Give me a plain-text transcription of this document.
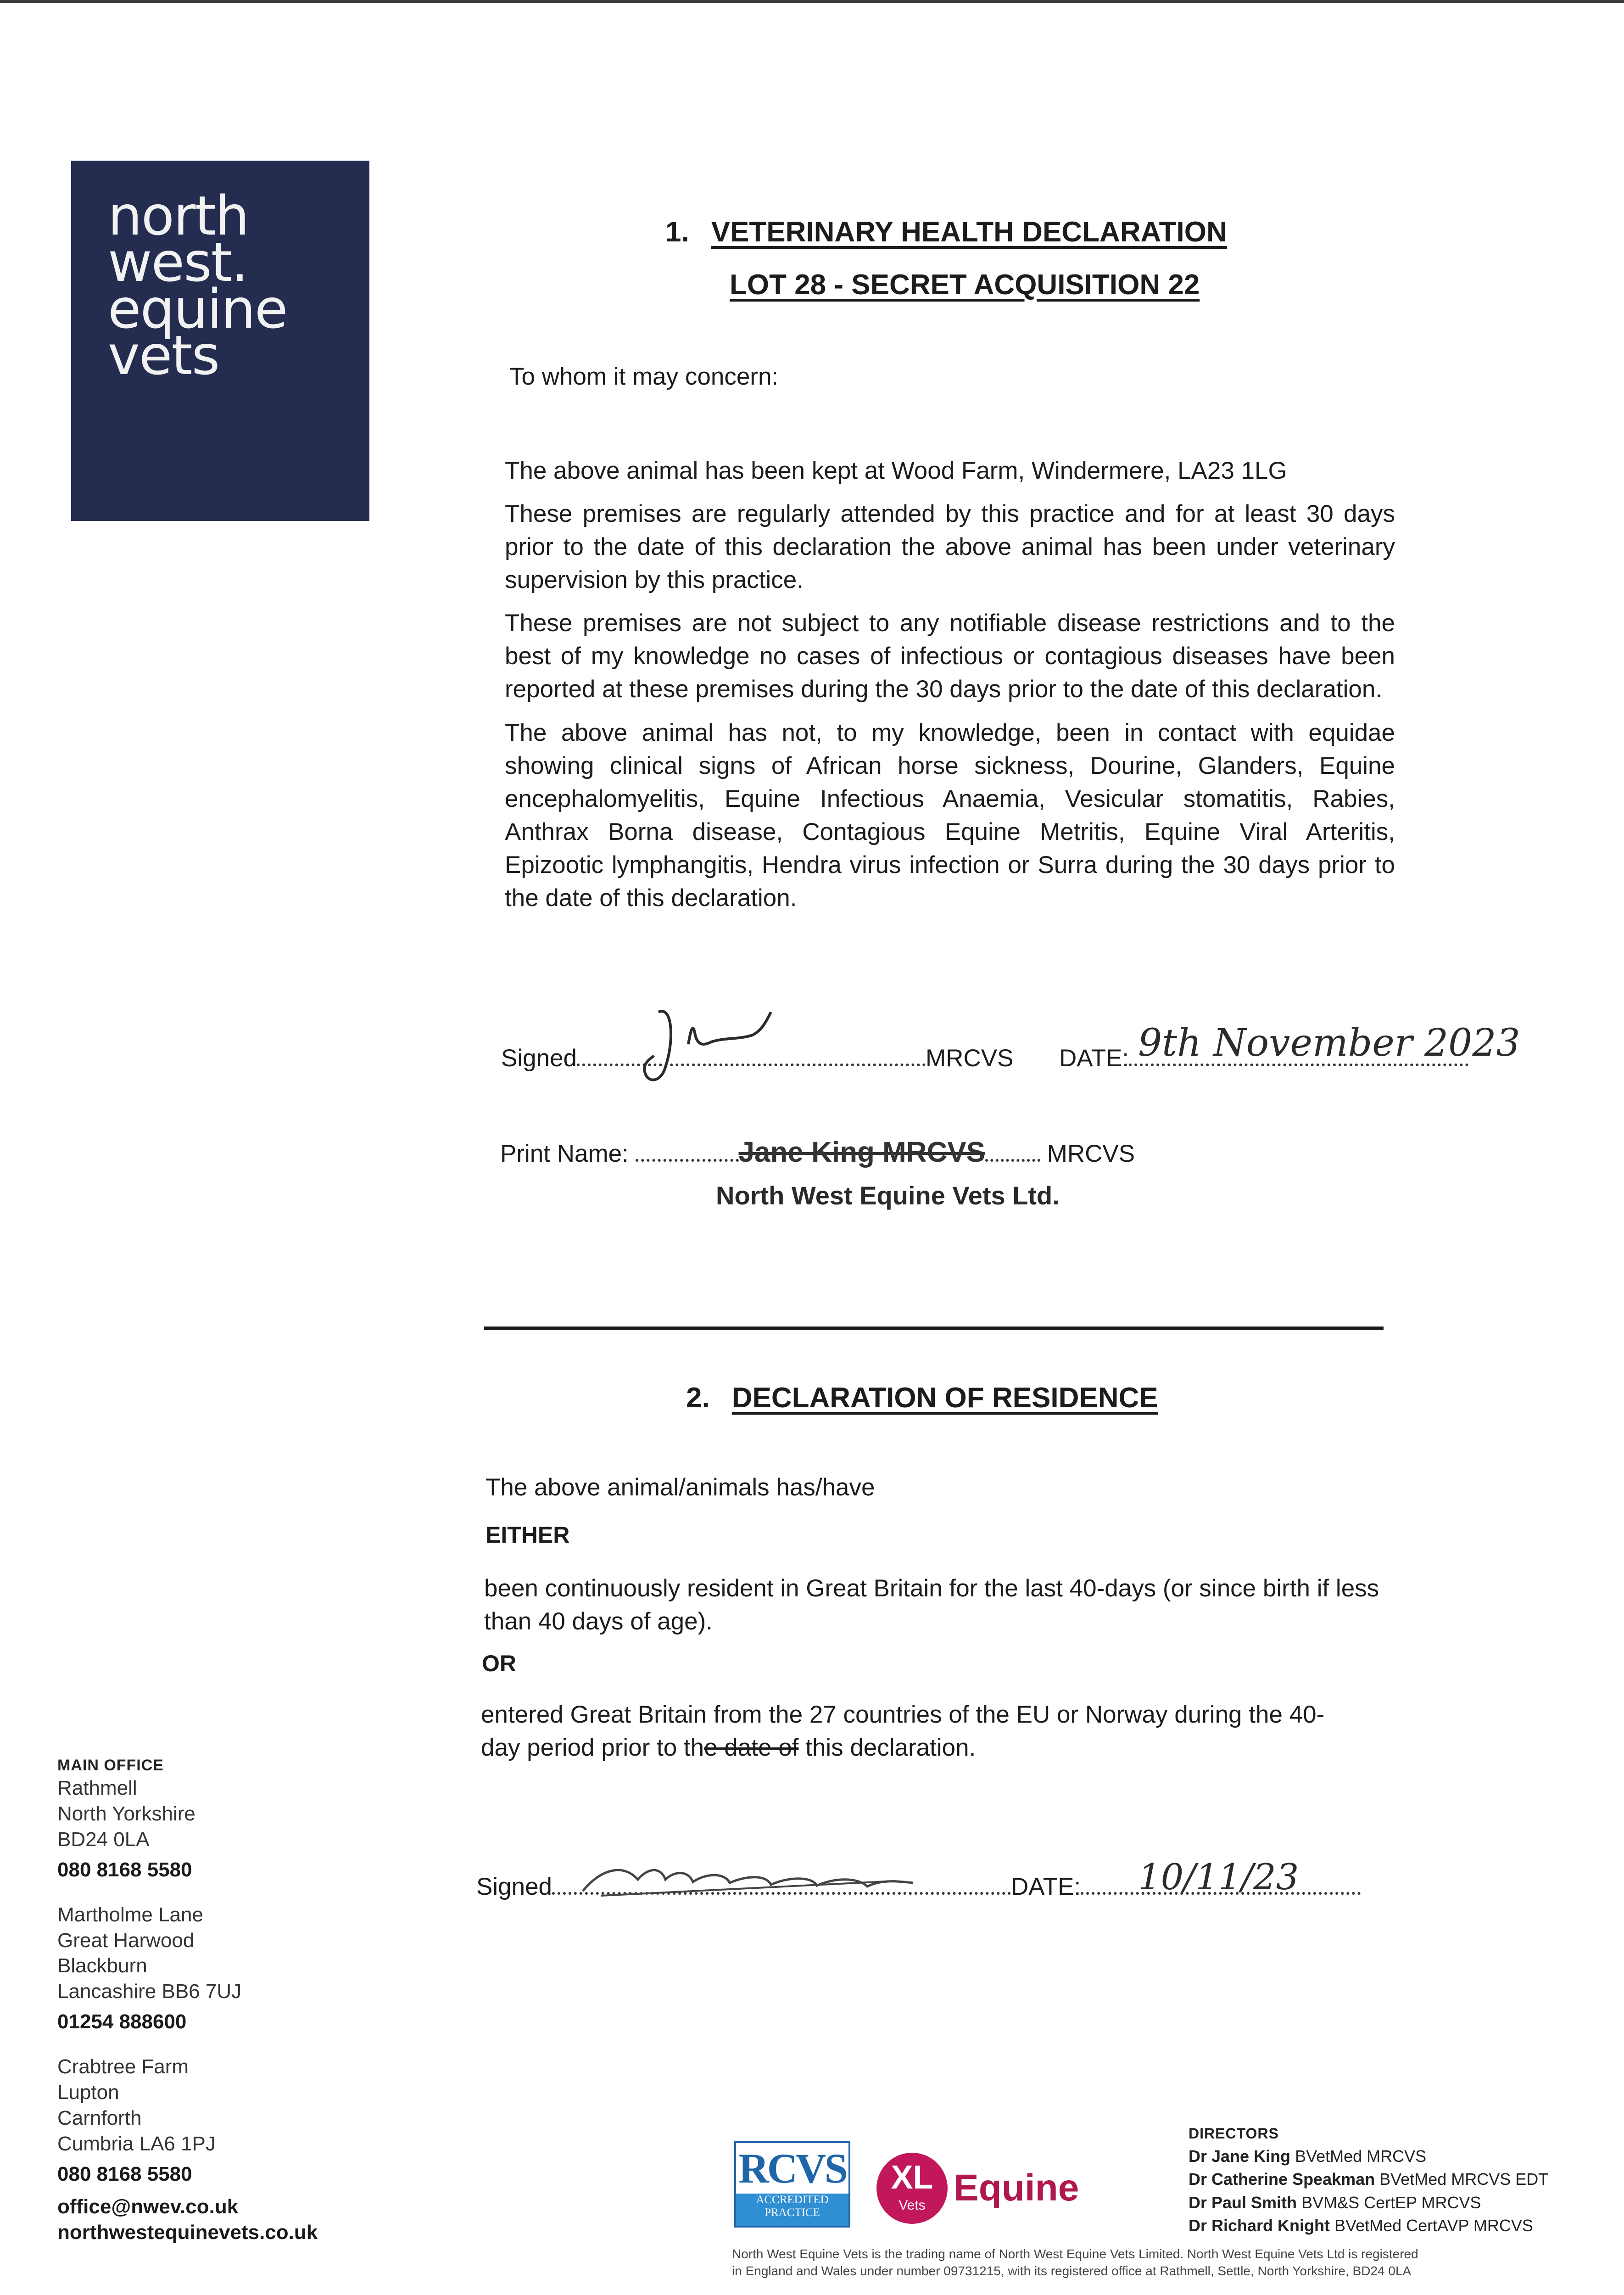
north
west.
equine
vets
1. VETERINARY HEALTH DECLARATION
LOT 28 - SECRET ACQUISITION 22
To whom it may concern:

The above animal has been kept at Wood Farm, Windermere, LA23 1LG

These premises are regularly attended by this practice and for at least 30 days prior to the date of this declaration the above animal has been under veterinary supervision by this practice.

These premises are not subject to any notifiable disease restrictions and to the best of my knowledge no cases of infectious or contagious diseases have been reported at these premises during the 30 days prior to the date of this declaration.

The above animal has not, to my knowledge, been in contact with equidae showing clinical signs of African horse sickness, Dourine, Glanders, Equine encephalomyelitis, Equine Infectious Anaemia, Vesicular stomatitis, Rabies, Anthrax Borna disease, Contagious Equine Metritis, Equine Viral Arteritis, Epizootic lymphangitis, Hendra virus infection or Surra during the 30 days prior to the date of this declaration.

Signed	MRCVS DATE: 9th November 2023
Print Name:	Jane King MRCVS	MRCVS
North West Equine Vets Ltd.
2. DECLARATION OF RESIDENCE
The above animal/animals has/have
EITHER
been continuously resident in Great Britain for the last 40-days (or since birth if less than 40 days of age).
OR
entered Great Britain from the 27 countries of the EU or Norway during the 40-
day period prior to the date of this declaration.
Signed	DATE:	10/11/23
MAIN OFFICE
Rathmell
North Yorkshire
BD24 0LA
080 8168 5580
Martholme Lane
Great Harwood
Blackburn
Lancashire BB6 7UJ
01254 888600
Crabtree Farm
Lupton
Carnforth
Cumbria LA6 1PJ
080 8168 5580
office@nwev.co.uk
northwestequinevets.co.uk
RCVS
ACCREDITED
PRACTICE
XL
Vets Equine
DIRECTORS
Dr Jane King BVetMed MRCVS
Dr Catherine Speakman BVetMed MRCVS EDT
Dr Paul Smith BVM&S CertEP MRCVS
Dr Richard Knight BVetMed CertAVP MRCVS
North West Equine Vets is the trading name of North West Equine Vets Limited. North West Equine Vets Ltd is registered
in England and Wales under number 09731215, with its registered office at Rathmell, Settle, North Yorkshire, BD24 0LA
